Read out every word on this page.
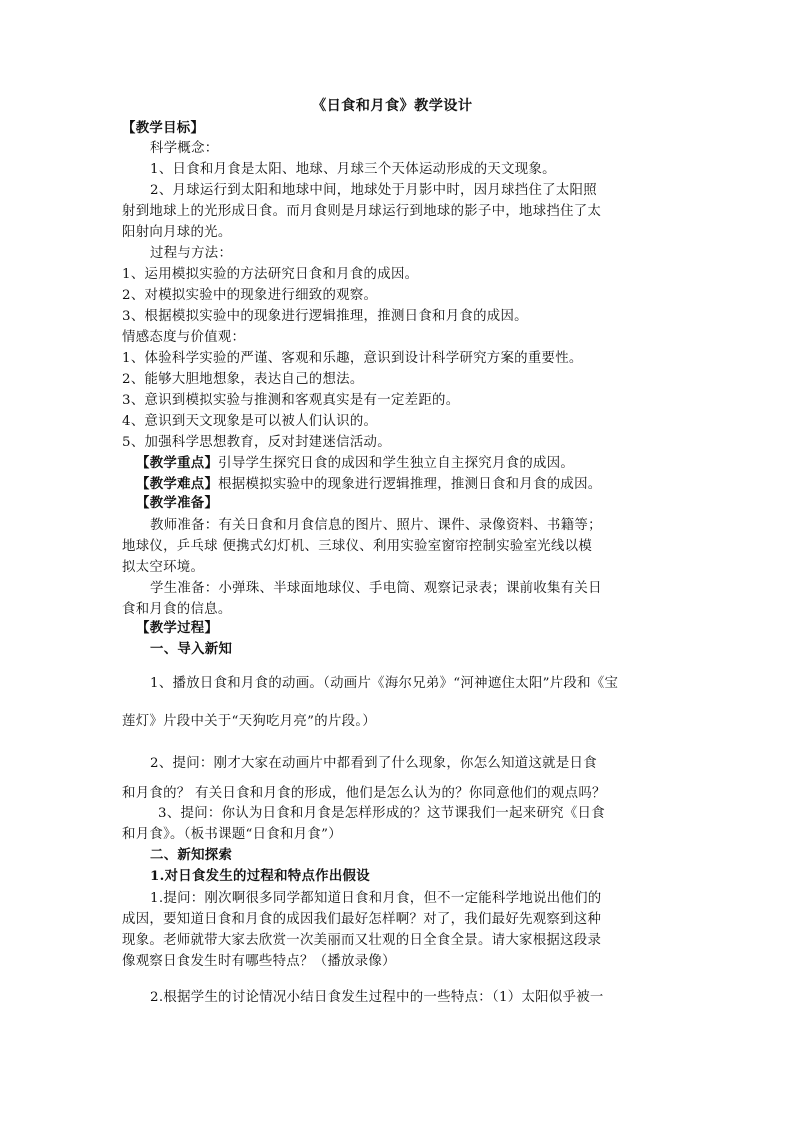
《日食和月食》教学设计
【教学目标】
科学概念：
1、日食和月食是太阳、地球、月球三个天体运动形成的天文现象。
2、月球运行到太阳和地球中间，地球处于月影中时，因月球挡住了太阳照
射到地球上的光形成日食。而月食则是月球运行到地球的影子中，地球挡住了太
阳射向月球的光。
过程与方法：
1、运用模拟实验的方法研究日食和月食的成因。
2、对模拟实验中的现象进行细致的观察。
3、根据模拟实验中的现象进行逻辑推理，推测日食和月食的成因。
情感态度与价值观：
1、体验科学实验的严谨、客观和乐趣，意识到设计科学研究方案的重要性。
2、能够大胆地想象，表达自己的想法。
3、意识到模拟实验与推测和客观真实是有一定差距的。
4、意识到天文现象是可以被人们认识的。
5、加强科学思想教育，反对封建迷信活动。
【教学重点】引导学生探究日食的成因和学生独立自主探究月食的成因。
【教学难点】根据模拟实验中的现象进行逻辑推理，推测日食和月食的成因。
【教学准备】
教师准备：有关日食和月食信息的图片、照片、课件、录像资料、书籍等；
地球仪，乒乓球 便携式幻灯机、三球仪、利用实验室窗帘控制实验室光线以模
拟太空环境。
学生准备：小弹珠、半球面地球仪、手电筒、观察记录表；课前收集有关日
食和月食的信息。
【教学过程】
一、导入新知
1、播放日食和月食的动画。（动画片《海尔兄弟》“河神遮住太阳”片段和《宝
莲灯》片段中关于“天狗吃月亮”的片段。）
2、提问：刚才大家在动画片中都看到了什么现象，你怎么知道这就是日食
和月食的？ 有关日食和月食的形成，他们是怎么认为的？你同意他们的观点吗？
3、提问：你认为日食和月食是怎样形成的？这节课我们一起来研究《日食
和月食》。（板书课题“日食和月食”）
二、新知探索
1.对日食发生的过程和特点作出假设
1.提问：刚次啊很多同学都知道日食和月食，但不一定能科学地说出他们的
成因，要知道日食和月食的成因我们最好怎样啊？对了，我们最好先观察到这种
现象。老师就带大家去欣赏一次美丽而又壮观的日全食全景。请大家根据这段录
像观察日食发生时有哪些特点？（播放录像）
2.根据学生的讨论情况小结日食发生过程中的一些特点：（1）太阳似乎被一
